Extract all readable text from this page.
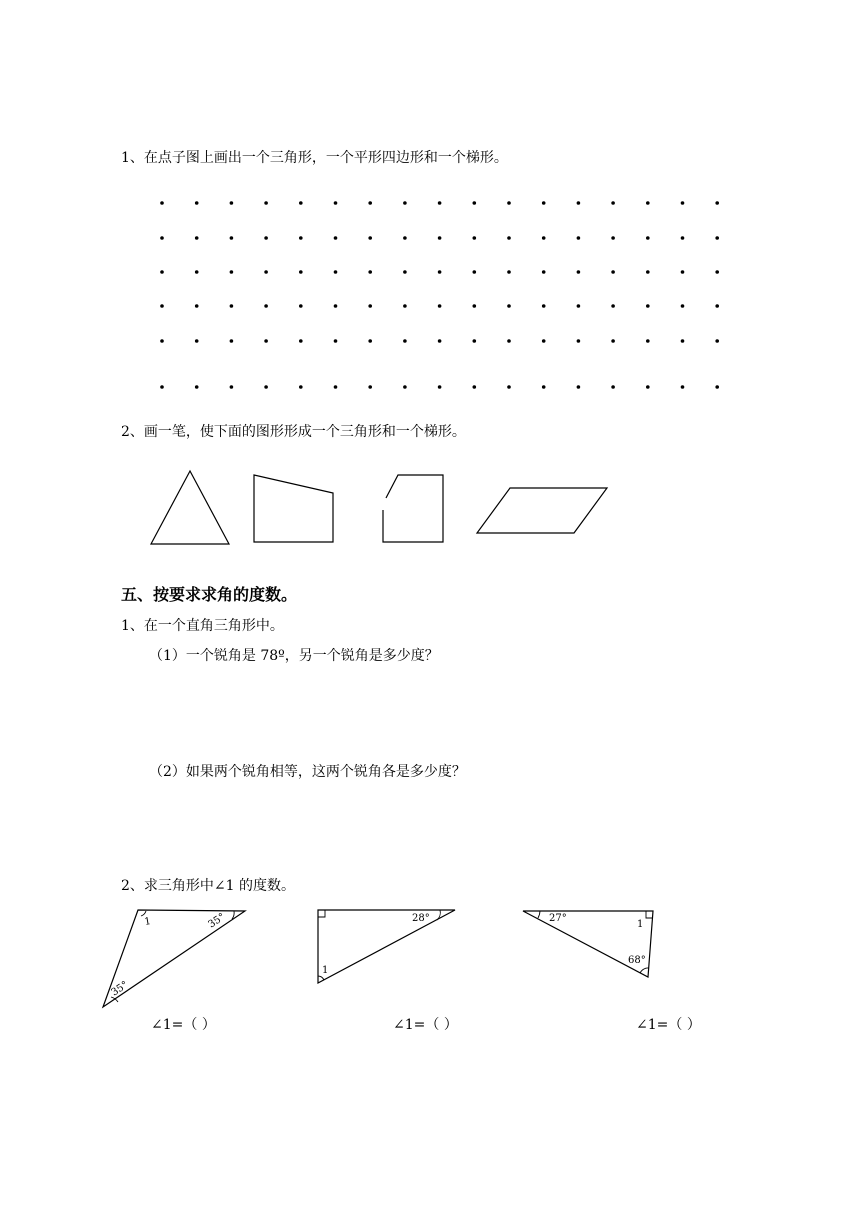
1、在点子图上画出一个三角形，一个平形四边形和一个梯形。
2、画一笔，使下面的图形形成一个三角形和一个梯形。
五、按要求求角的度数。
1、在一个直角三角形中。
（1）一个锐角是 78º，另一个锐角是多少度？
（2）如果两个锐角相等，这两个锐角各是多少度？
2、求三角形中∠1 的度数。
1	35°
35°
28°
1
27°
1
68°
∠1=（ ）	∠1=（ ）	∠1=（ ）
